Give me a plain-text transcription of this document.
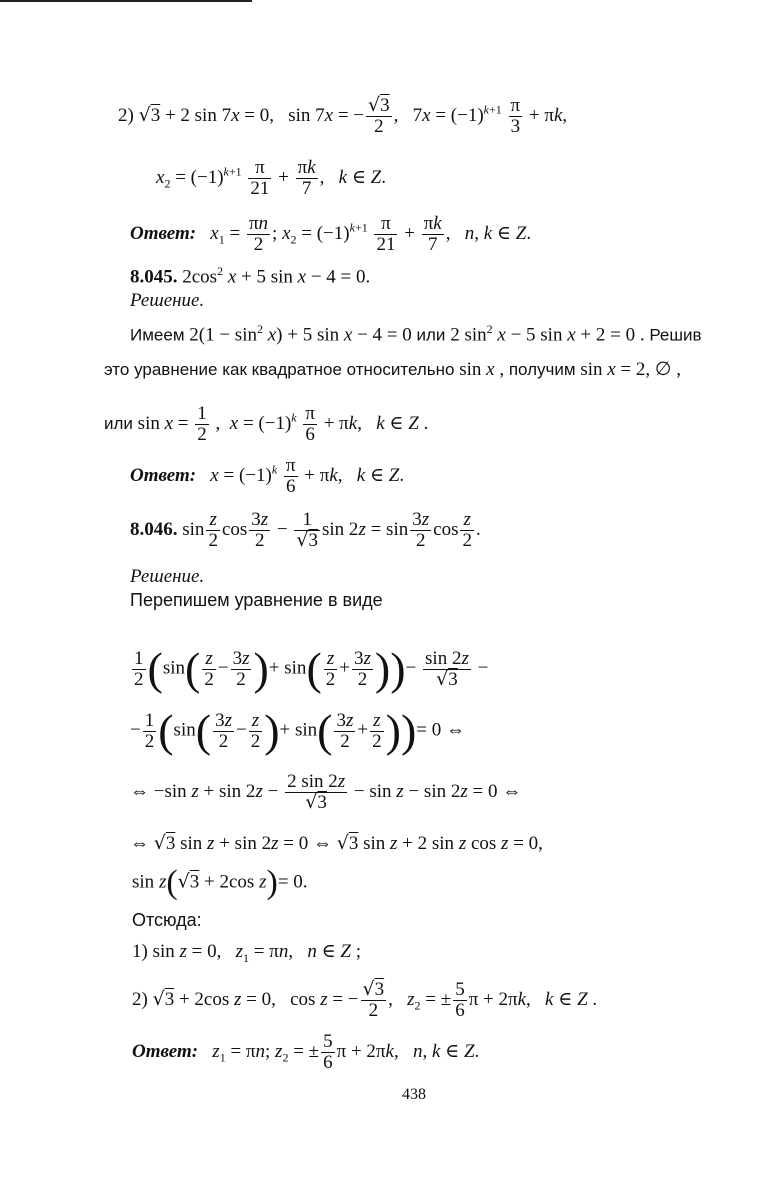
2) √3 + 2 sin 7x = 0,   sin 7x = − $\frac{√3}{2}$ ,   $7x = (-1)^{k+1} \frac{\pi}{3} + \pi k$,
$x_2 = (-1)^{k+1} \frac{\pi}{21} + \frac{\pi k}{7}$ ,   k ∈ Z.
Ответ: $x_1 = \frac{\pi n}{2}$ ; $x_2 = (-1)^{k+1} \frac{\pi}{21} + \frac{\pi k}{7}$ ,   n, k ∈ Z.
8.045. $2\cos^2$ x + 5 sin x − 4 = 0.
Решение.
Имеем $2(1 - \sin^2 x) + 5$ sin x − 4 = 0 или 2 $\sin^2 x - 5$ sin x + 2 = 0 . Решив
это уравнение как квадратное относительно sin x , получим sin x = 2, ∅ ,
или $\sin x = \frac{1}{2}$ ,  $x = (-1)^k \frac{\pi}{6} + \pi k$,   k ∈ Z .
Ответ: $x = (-1)^k \frac{\pi}{6} + \pi k$,   k ∈ Z.
8.046. $\sin \frac{z}{2}$ $\cos \frac{3z}{2} - \frac{1}{√3}$ $\sin 2z = \sin \frac{3z}{2}$ $\cos \frac{z}{2}$ .
Решение.
Перепишем уравнение в виде
$\frac{1}{2} (\sin( \frac{z}{2} - \frac{3z}{2}$ )+ $\sin( \frac{z}{2} + \frac{3z}{2}$ ))− $\frac{\sin 2z}{√3}$ −
− $\frac{1}{2} (\sin( \frac{3z}{2} - \frac{z}{2}$ )+ $\sin( \frac{3z}{2} + \frac{z}{2}$ ))= 0 ⇔
⇔ −sin $z + \sin 2z - \frac{2 \sin 2z}{√3} - \sin z - \sin 2z = 0$ ⇔
⇔ √3 sin z + sin 2z = 0 ⇔ √3 sin z + 2 sin z cos z = 0,
sin z(√3 + 2cos z)= 0.
Отсюда:
1) sin z = 0,   $z_1 = \pi n$,   n ∈ Z ;
2) √3 + 2cos z = 0,   cos z = − $\frac{√3}{2}$ ,   $z_2$ = ± $\frac{5}{6}$ π + 2πk,   k ∈ Z .
Ответ: $z_1 = \pi n$; $z_2$ = ± $\frac{5}{6}$ π + 2πk,   n, k ∈ Z.
438
